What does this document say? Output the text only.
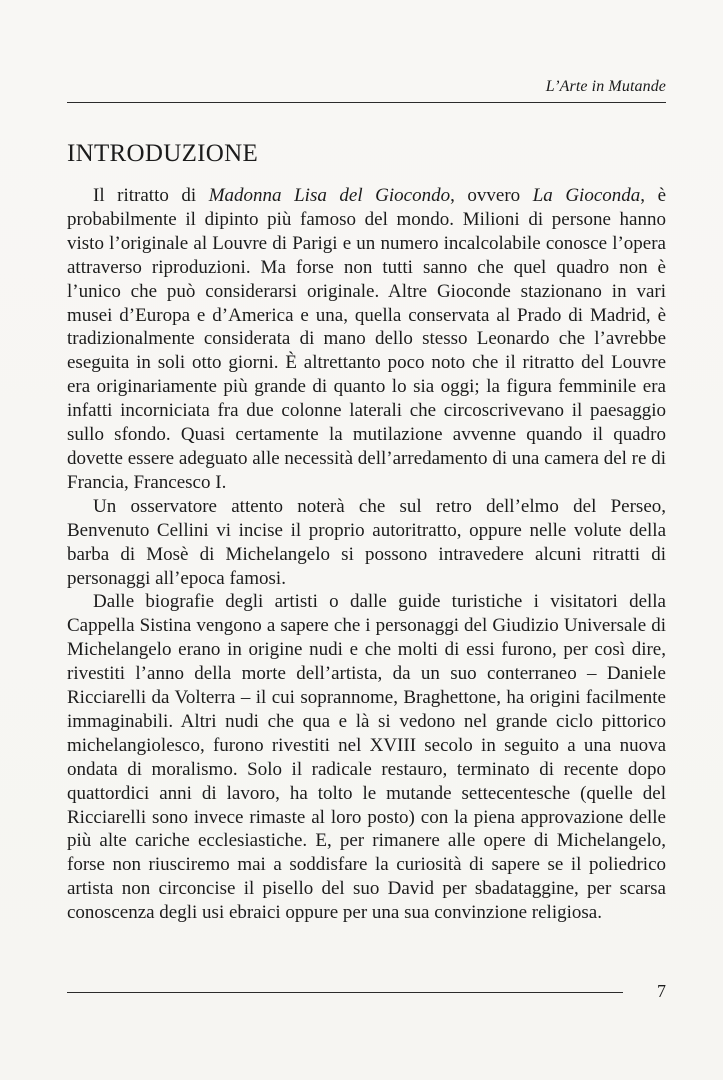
L’Arte in Mutande
INTRODUZIONE

Il ritratto di Madonna Lisa del Giocondo, ovvero La Gioconda, è probabilmente il dipinto più famoso del mondo. Milioni di persone hanno visto l’originale al Louvre di Parigi e un numero incalcolabile conosce l’opera attraverso riproduzioni. Ma forse non tutti sanno che quel quadro non è l’unico che può considerarsi originale. Altre Gioconde stazionano in vari musei d’Europa e d’America e una, quella conservata al Prado di Madrid, è tradizionalmente considerata di mano dello stesso Leonardo che l’avrebbe eseguita in soli otto giorni. È altrettanto poco noto che il ritratto del Louvre era originariamente più grande di quanto lo sia oggi; la figura femminile era infatti incorniciata fra due colonne laterali che circoscrivevano il paesaggio sullo sfondo. Quasi certamente la mutilazione avvenne quando il quadro dovette essere adeguato alle necessità dell’arredamento di una camera del re di Francia, Francesco I.

Un osservatore attento noterà che sul retro dell’elmo del Perseo, Benvenuto Cellini vi incise il proprio autoritratto, oppure nelle volute della barba di Mosè di Michelangelo si possono intravedere alcuni ritratti di personaggi all’epoca famosi.

Dalle biografie degli artisti o dalle guide turistiche i visitatori della Cappella Sistina vengono a sapere che i personaggi del Giudizio Universale di Michelangelo erano in origine nudi e che molti di essi furono, per così dire, rivestiti l’anno della morte dell’artista, da un suo conterraneo – Daniele Ricciarelli da Volterra – il cui soprannome, Braghettone, ha origini facilmente immaginabili. Altri nudi che qua e là si vedono nel grande ciclo pittorico michelangiolesco, furono rivestiti nel XVIII secolo in seguito a una nuova ondata di moralismo. Solo il radicale restauro, terminato di recente dopo quattordici anni di lavoro, ha tolto le mutande settecentesche (quelle del Ricciarelli sono invece rimaste al loro posto) con la piena approvazione delle più alte cariche ecclesiastiche. E, per rimanere alle opere di Michelangelo, forse non riusciremo mai a soddisfare la curiosità di sapere se il poliedrico artista non circoncise il pisello del suo David per sbadataggine, per scarsa conoscenza degli usi ebraici oppure per una sua convinzione religiosa.

7
